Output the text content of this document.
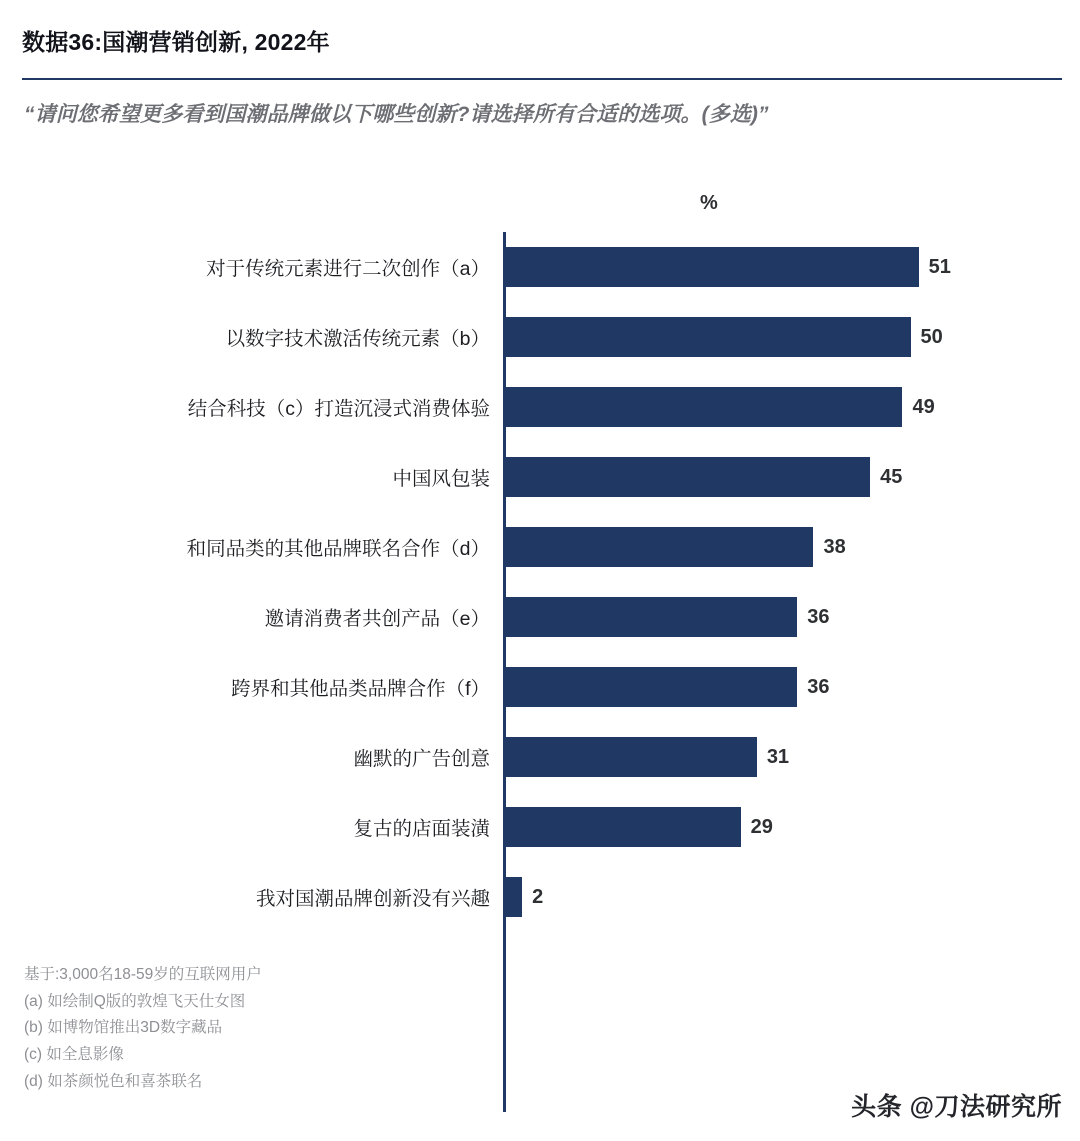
数据36:国潮营销创新, 2022年
“请问您希望更多看到国潮品牌做以下哪些创新?请选择所有合适的选项。(多选)”
%
对于传统元素进行二次创作（a）	51
以数字技术激活传统元素（b）	50
结合科技（c）打造沉浸式消费体验	49
中国风包装	45
和同品类的其他品牌联名合作（d）	38
邀请消费者共创产品（e）	36
跨界和其他品类品牌合作（f）	36
幽默的广告创意	31
复古的店面装潢	29
我对国潮品牌创新没有兴趣 2
基于:3,000名18-59岁的互联网用户
(a) 如绘制Q版的敦煌飞天仕女图
(b) 如博物馆推出3D数字藏品
(c) 如全息影像
(d) 如茶颜悦色和喜茶联名
头条 @ 刀法研究所
